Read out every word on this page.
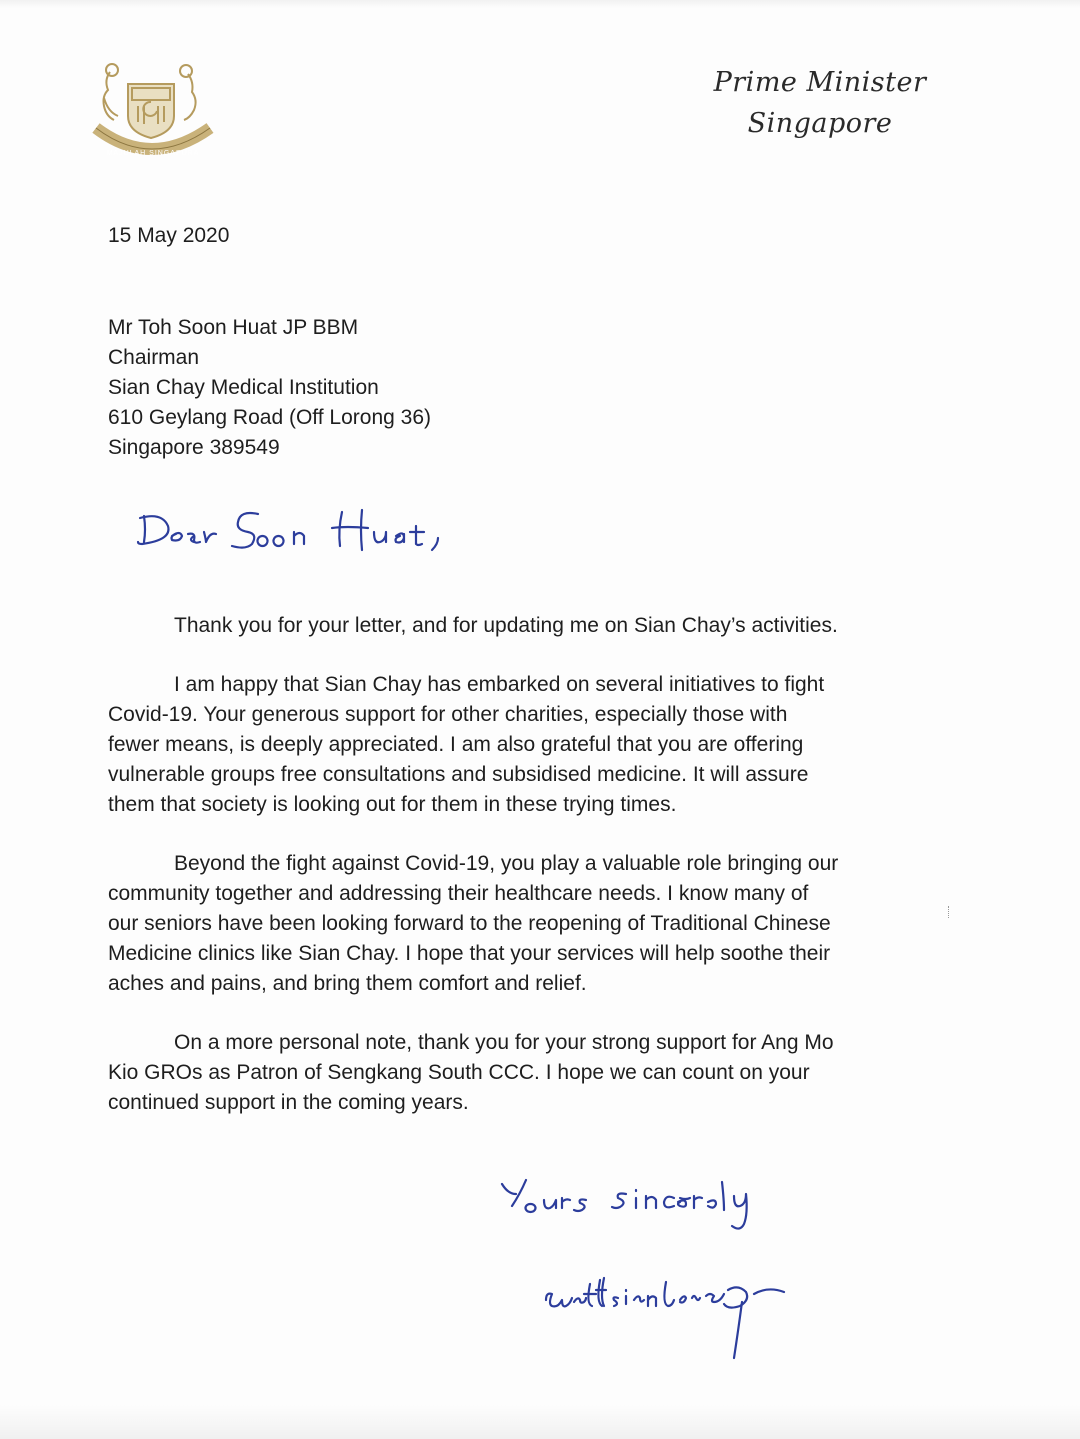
MAJULAH SINGAPURA
Prime Minister
Singapore
15 May 2020
Mr Toh Soon Huat JP BBM
Chairman
Sian Chay Medical Institution
610 Geylang Road (Off Lorong 36)
Singapore 389549

Thank you for your letter, and for updating me on Sian Chay’s activities.

I am happy that Sian Chay has embarked on several initiatives to fight
Covid-19. Your generous support for other charities, especially those with
fewer means, is deeply appreciated. I am also grateful that you are offering
vulnerable groups free consultations and subsidised medicine. It will assure
them that society is looking out for them in these trying times.

Beyond the fight against Covid-19, you play a valuable role bringing our
community together and addressing their healthcare needs. I know many of
our seniors have been looking forward to the reopening of Traditional Chinese
Medicine clinics like Sian Chay. I hope that your services will help soothe their
aches and pains, and bring them comfort and relief.

On a more personal note, thank you for your strong support for Ang Mo
Kio GROs as Patron of Sengkang South CCC. I hope we can count on your
continued support in the coming years.
